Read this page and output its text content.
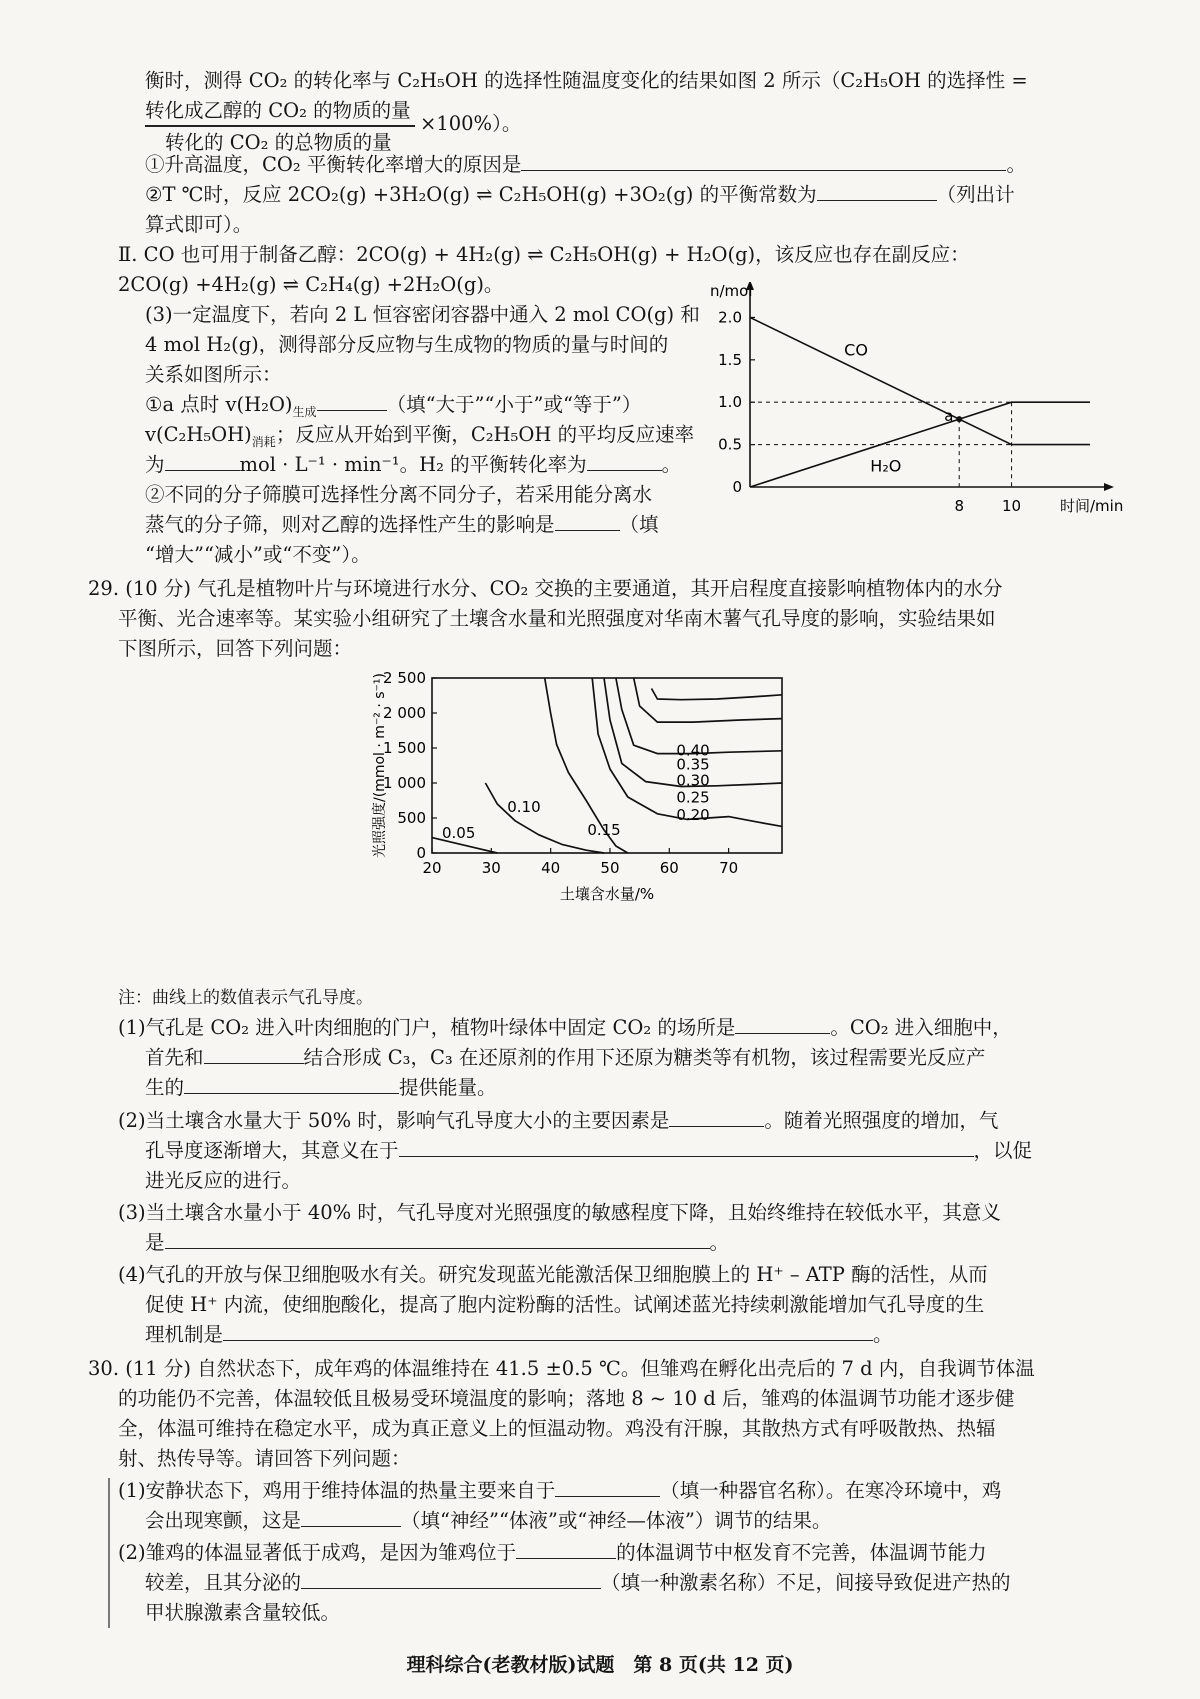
衡时，测得 CO₂ 的转化率与 C₂H₅OH 的选择性随温度变化的结果如图 2 所示（C₂H₅OH 的选择性 =
转化成乙醇的 CO₂ 的物质的量
×100%）。
转化的 CO₂ 的总物质的量
①升高温度，CO₂ 平衡转化率增大的原因是	。
②T ℃时，反应 2CO₂(g) +3H₂O(g) ⇌ C₂H₅OH(g) +3O₂(g) 的平衡常数为	（列出计
算式即可）。
Ⅱ. CO 也可用于制备乙醇：2CO(g) + 4H₂(g) ⇌ C₂H₅OH(g) + H₂O(g)，该反应也存在副反应：
2CO(g) +4H₂(g) ⇌ C₂H₄(g) +2H₂O(g)。
(3)一定温度下，若向 2 L 恒容密闭容器中通入 2 mol CO(g) 和
4 mol H₂(g)，测得部分反应物与生成物的物质的量与时间的
关系如图所示：
①a 点时 $v(H_2O)_{生成}$	（填“大于”“小于”或“等于”）
$v(C_2H_5OH)_{消耗}$；反应从开始到平衡，C₂H₅OH 的平均反应速率
为	mol · L⁻¹ · min⁻¹。H₂ 的平衡转化率为	。
②不同的分子筛膜可选择性分离不同分子，若采用能分离水
蒸气的分子筛，则对乙醇的选择性产生的影响是	（填
“增大”“减小”或“不变”）。
n/mol
时间/min
0
0.5
1.0
1.5
2.0
8	10
CO
H₂O
a
29. (10 分) 气孔是植物叶片与环境进行水分、CO₂ 交换的主要通道，其开启程度直接影响植物体内的水分
平衡、光合速率等。某实验小组研究了土壤含水量和光照强度对华南木薯气孔导度的影响，实验结果如
下图所示，回答下列问题：
0
500
1 000
1 500
2 000
2 500
20	30	40	50	60	70
土壤含水量/%
光照强度/(mmol · m⁻² · s⁻¹)	0.05
0.10
0.15
0.20
0.25
0.30
0.35
0.40
注：曲线上的数值表示气孔导度。
(1)气孔是 CO₂ 进入叶肉细胞的门户，植物叶绿体中固定 CO₂ 的场所是	。CO₂ 进入细胞中，
首先和	结合形成 C₃，C₃ 在还原剂的作用下还原为糖类等有机物，该过程需要光反应产
生的	提供能量。
(2)当土壤含水量大于 50% 时，影响气孔导度大小的主要因素是	。随着光照强度的增加，气
孔导度逐渐增大，其意义在于	，以促
进光反应的进行。
(3)当土壤含水量小于 40% 时，气孔导度对光照强度的敏感程度下降，且始终维持在较低水平，其意义
是	。
(4)气孔的开放与保卫细胞吸水有关。研究发现蓝光能激活保卫细胞膜上的 H⁺ – ATP 酶的活性，从而
促使 H⁺ 内流，使细胞酸化，提高了胞内淀粉酶的活性。试阐述蓝光持续刺激能增加气孔导度的生
理机制是	。
30. (11 分) 自然状态下，成年鸡的体温维持在 41.5 ±0.5 ℃。但雏鸡在孵化出壳后的 7 d 内，自我调节体温
的功能仍不完善，体温较低且极易受环境温度的影响；落地 8 ~ 10 d 后，雏鸡的体温调节功能才逐步健
全，体温可维持在稳定水平，成为真正意义上的恒温动物。鸡没有汗腺，其散热方式有呼吸散热、热辐
射、热传导等。请回答下列问题：
(1)安静状态下，鸡用于维持体温的热量主要来自于	（填一种器官名称）。在寒冷环境中，鸡
会出现寒颤，这是	（填“神经”“体液”或“神经—体液”）调节的结果。
(2)雏鸡的体温显著低于成鸡，是因为雏鸡位于	的体温调节中枢发育不完善，体温调节能力
较差，且其分泌的	（填一种激素名称）不足，间接导致促进产热的
甲状腺激素含量较低。
理科综合(老教材版)试题　第 8 页(共 12 页)
